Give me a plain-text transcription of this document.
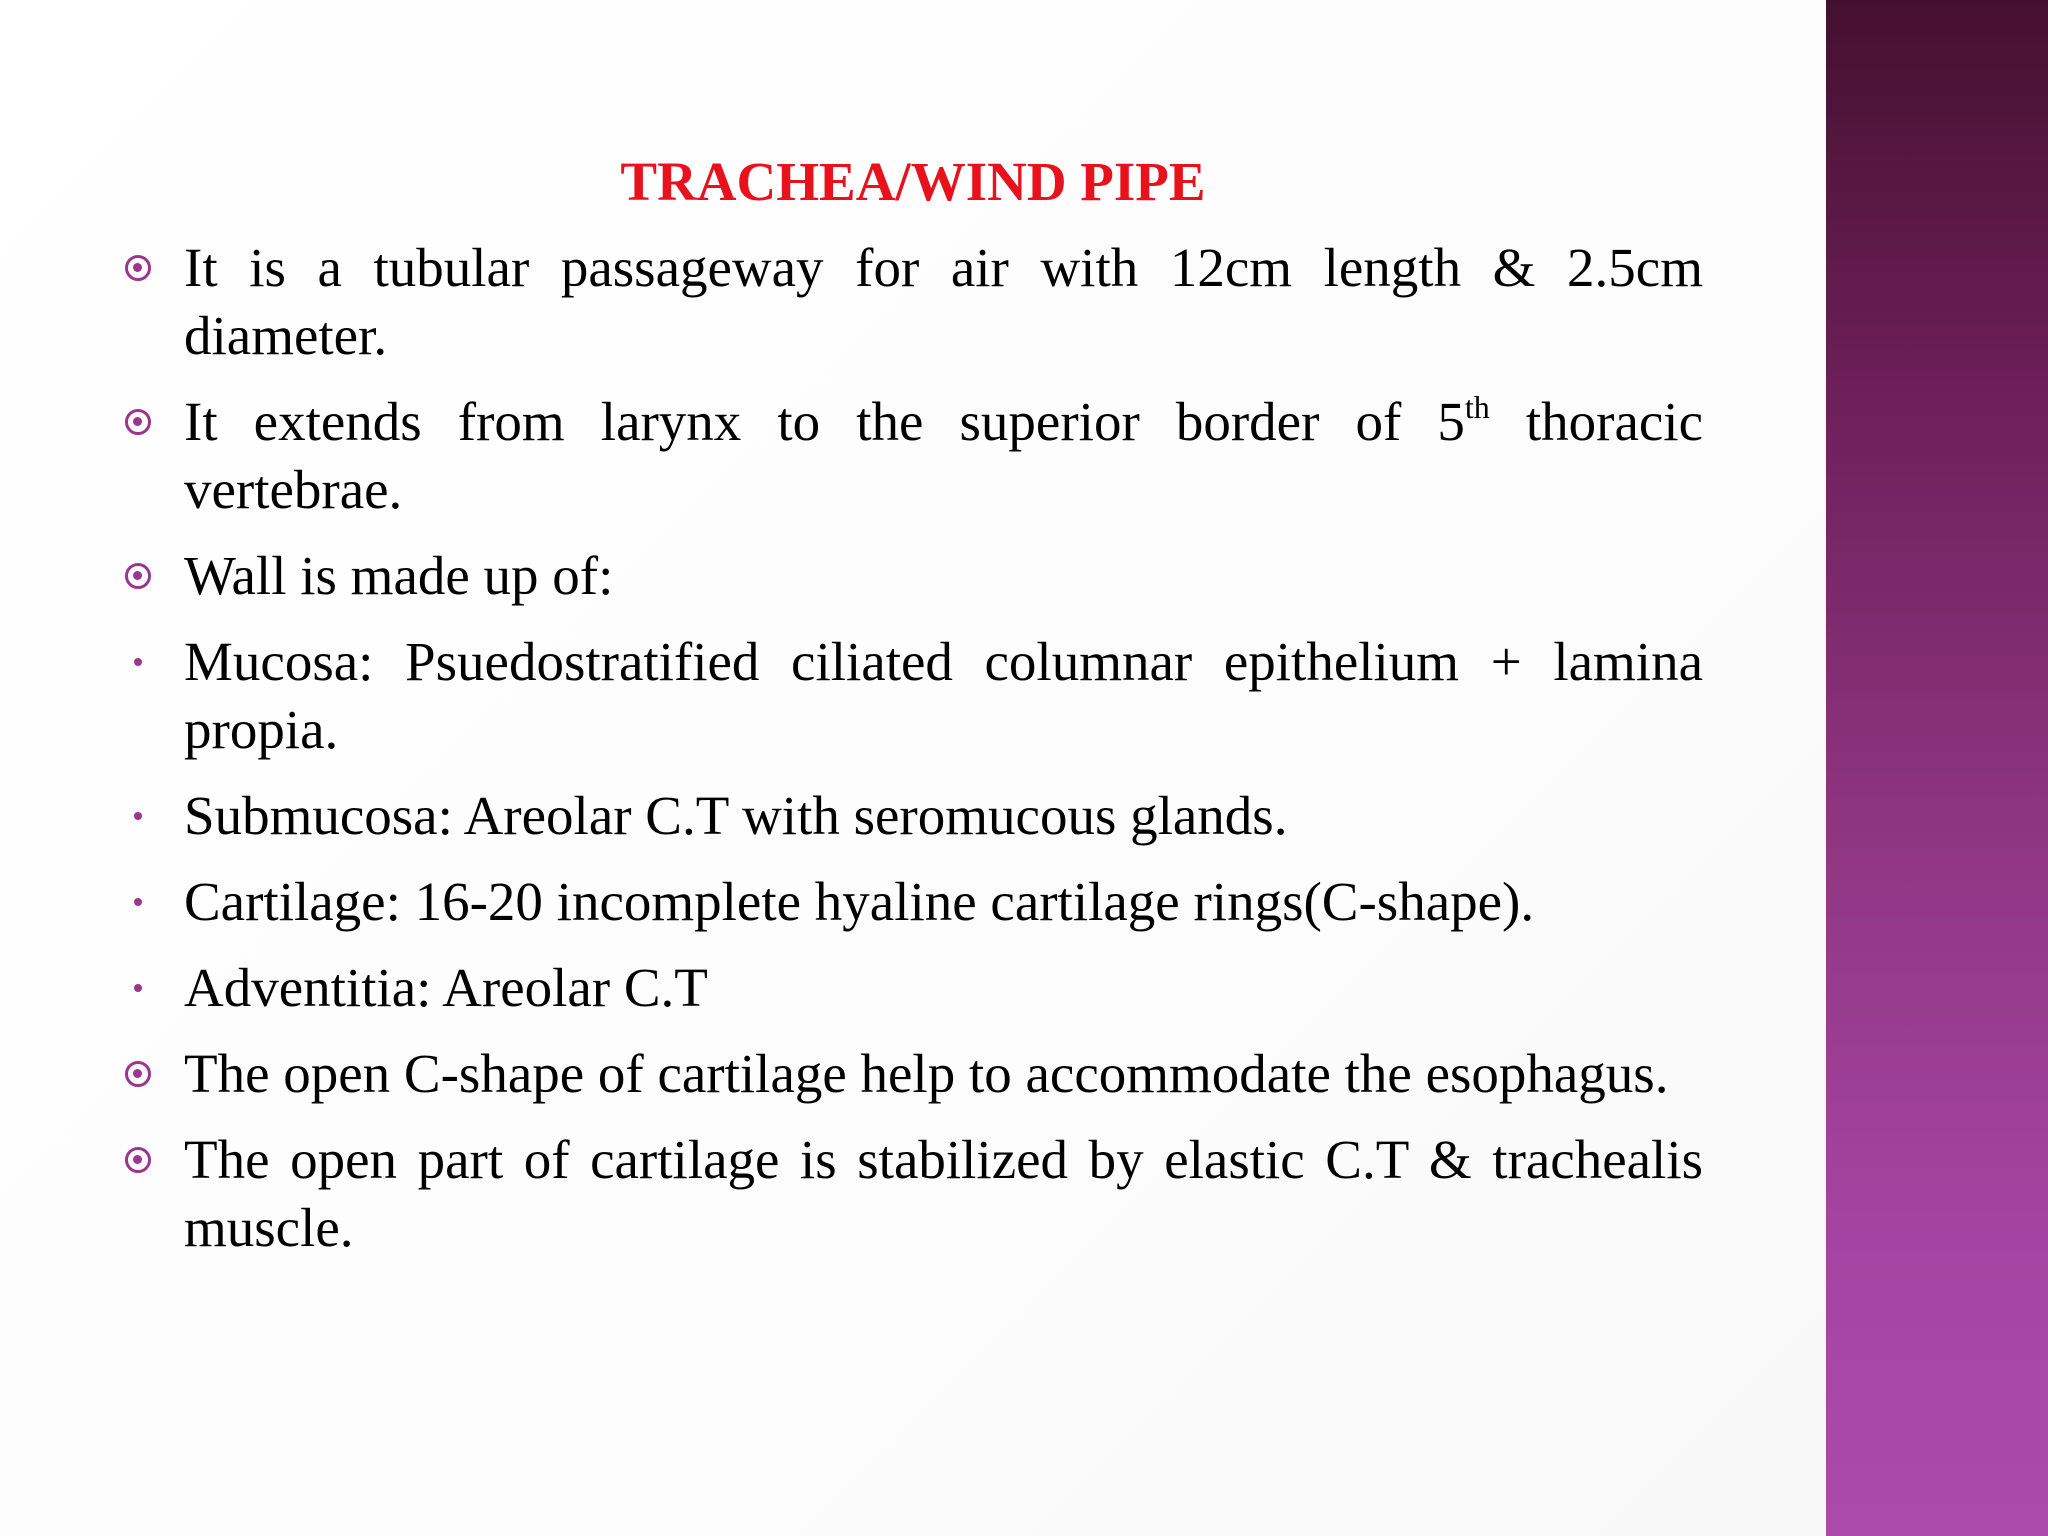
TRACHEA/WIND PIPE
It is a tubular passageway for air with 12cm length & 2.5cm diameter.
It extends from larynx to the superior border of 5th thoracic vertebrae.
Wall is made up of:
Mucosa: Psuedostratified ciliated columnar epithelium + lamina propia.
Submucosa: Areolar C.T with seromucous glands.
Cartilage: 16-20 incomplete hyaline cartilage rings(C-shape).
Adventitia: Areolar C.T
The open C-shape of cartilage help to accommodate the esophagus.
The open part of cartilage is stabilized by elastic C.T & trachealis muscle.
